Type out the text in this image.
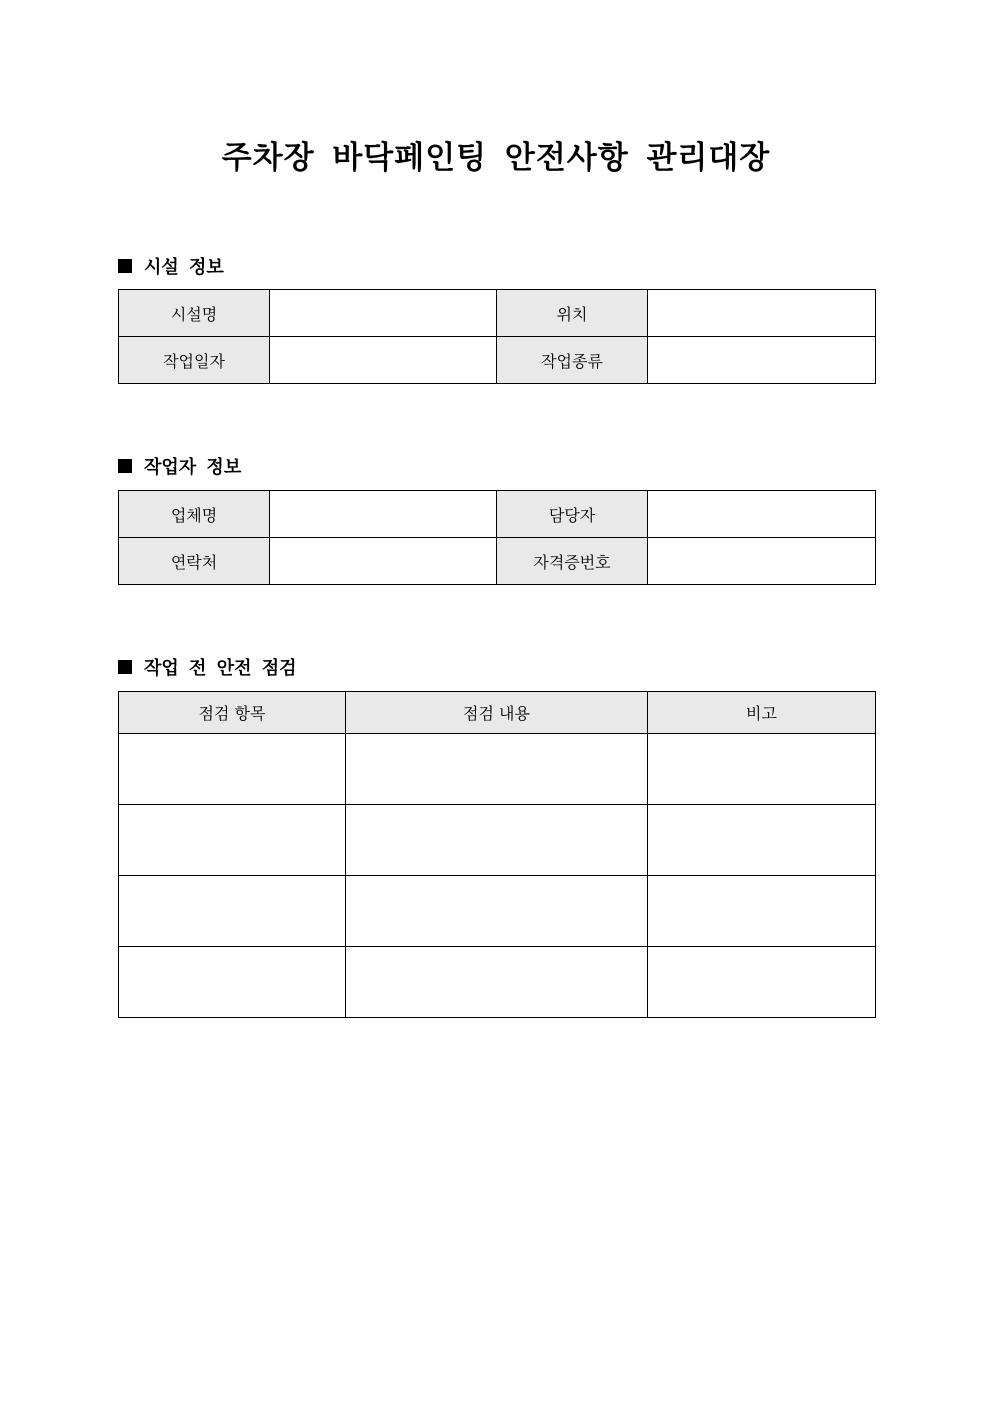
주차장 바닥페인팅 안전사항 관리대장
시설 정보
시설명		위치	
작업일자		작업종류	
작업자 정보
업체명		담당자	
연락처		자격증번호	
작업 전 안전 점검
점검 항목	점검 내용	비고
